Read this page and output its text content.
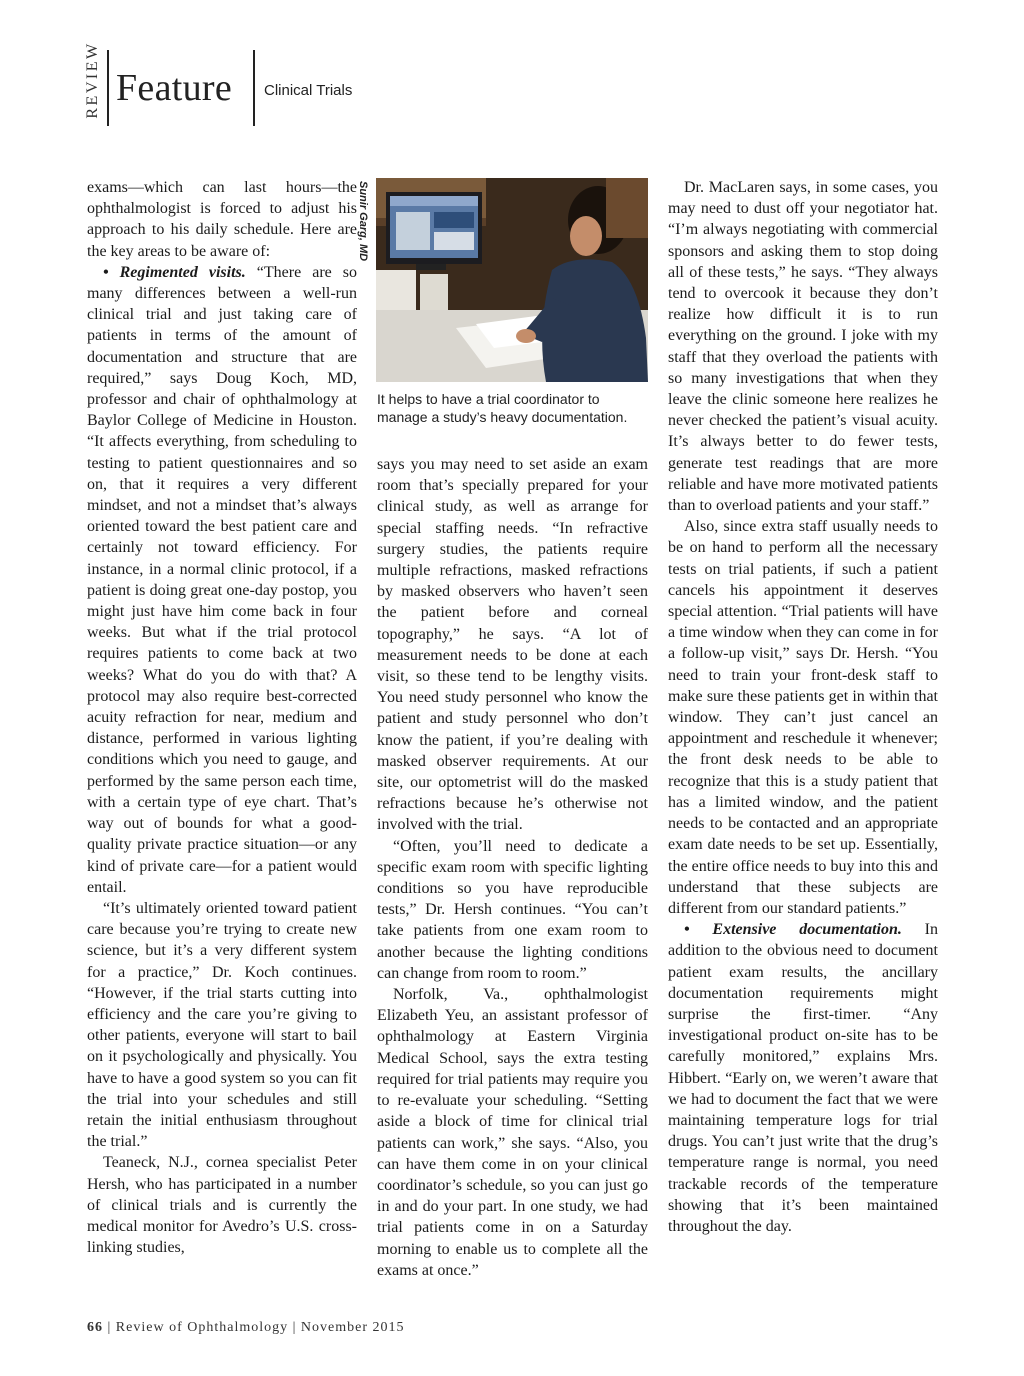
REVIEW Feature Clinical Trials

exams—which can last hours—the ophthalmologist is forced to adjust his approach to his daily schedule. Here are the key areas to be aware of:

• Regimented visits. “There are so many differences between a well-run clinical trial and just taking care of patients in terms of the amount of documentation and structure that are required,” says Doug Koch, MD, professor and chair of ophthalmology at Baylor College of Medicine in Houston. “It affects everything, from scheduling to testing to patient questionnaires and so on, that it requires a very different mindset, and not a mindset that’s always oriented toward the best patient care and certainly not toward efficiency. For instance, in a normal clinic protocol, if a patient is doing great one-day postop, you might just have him come back in four weeks. But what if the trial protocol requires patients to come back at two weeks? What do you do with that? A protocol may also require best-corrected acuity refraction for near, medium and distance, performed in various lighting conditions which you need to gauge, and performed by the same person each time, with a certain type of eye chart. That’s way out of bounds for what a good-quality private practice situation—or any kind of private care—for a patient would entail.

“It’s ultimately oriented toward patient care because you’re trying to create new science, but it’s a very different system for a practice,” Dr. Koch continues. “However, if the trial starts cutting into efficiency and the care you’re giving to other patients, everyone will start to bail on it psychologically and physically. You have to have a good system so you can fit the trial into your schedules and still retain the initial enthusiasm throughout the trial.”

Teaneck, N.J., cornea specialist Peter Hersh, who has participated in a number of clinical trials and is currently the medical monitor for Avedro’s U.S. cross-linking studies,

Sunir Garg, MD
It helps to have a trial coordinator to manage a study’s heavy documentation.

says you may need to set aside an exam room that’s specially prepared for your clinical study, as well as arrange for special staffing needs. “In refractive surgery studies, the patients require multiple refractions, masked refractions by masked observers who haven’t seen the patient before and corneal topography,” he says. “A lot of measurement needs to be done at each visit, so these tend to be lengthy visits. You need study personnel who know the patient and study personnel who don’t know the patient, if you’re dealing with masked observer requirements. At our site, our optometrist will do the masked refractions because he’s otherwise not involved with the trial.

“Often, you’ll need to dedicate a specific exam room with specific lighting conditions so you have reproducible tests,” Dr. Hersh continues. “You can’t take patients from one exam room to another because the lighting conditions can change from room to room.”

Norfolk, Va., ophthalmologist Elizabeth Yeu, an assistant professor of ophthalmology at Eastern Virginia Medical School, says the extra testing required for trial patients may require you to re-evaluate your scheduling. “Setting aside a block of time for clinical trial patients can work,” she says. “Also, you can have them come in on your clinical coordinator’s schedule, so you can just go in and do your part. In one study, we had trial patients come in on a Saturday morning to enable us to complete all the exams at once.”

Dr. MacLaren says, in some cases, you may need to dust off your negotiator hat. “I’m always negotiating with commercial sponsors and asking them to stop doing all of these tests,” he says. “They always tend to overcook it because they don’t realize how difficult it is to run everything on the ground. I joke with my staff that they overload the patients with so many investigations that when they leave the clinic someone here realizes he never checked the patient’s visual acuity. It’s always better to do fewer tests, generate test readings that are more reliable and have more motivated patients than to overload patients and your staff.”

Also, since extra staff usually needs to be on hand to perform all the necessary tests on trial patients, if such a patient cancels his appointment it deserves special attention. “Trial patients will have a time window when they can come in for a follow-up visit,” says Dr. Hersh. “You need to train your front-desk staff to make sure these patients get in within that window. They can’t just cancel an appointment and reschedule it whenever; the front desk needs to be able to recognize that this is a study patient that has a limited window, and the patient needs to be contacted and an appropriate exam date needs to be set up. Essentially, the entire office needs to buy into this and understand that these subjects are different from our standard patients.”

• Extensive documentation. In addition to the obvious need to document patient exam results, the ancillary documentation requirements might surprise the first-timer. “Any investigational product on-site has to be carefully monitored,” explains Mrs. Hibbert. “Early on, we weren’t aware that we had to document the fact that we were maintaining temperature logs for trial drugs. You can’t just write that the drug’s temperature range is normal, you need trackable records of the temperature showing that it’s been maintained throughout the day.

66 | Review of Ophthalmology | November 2015
